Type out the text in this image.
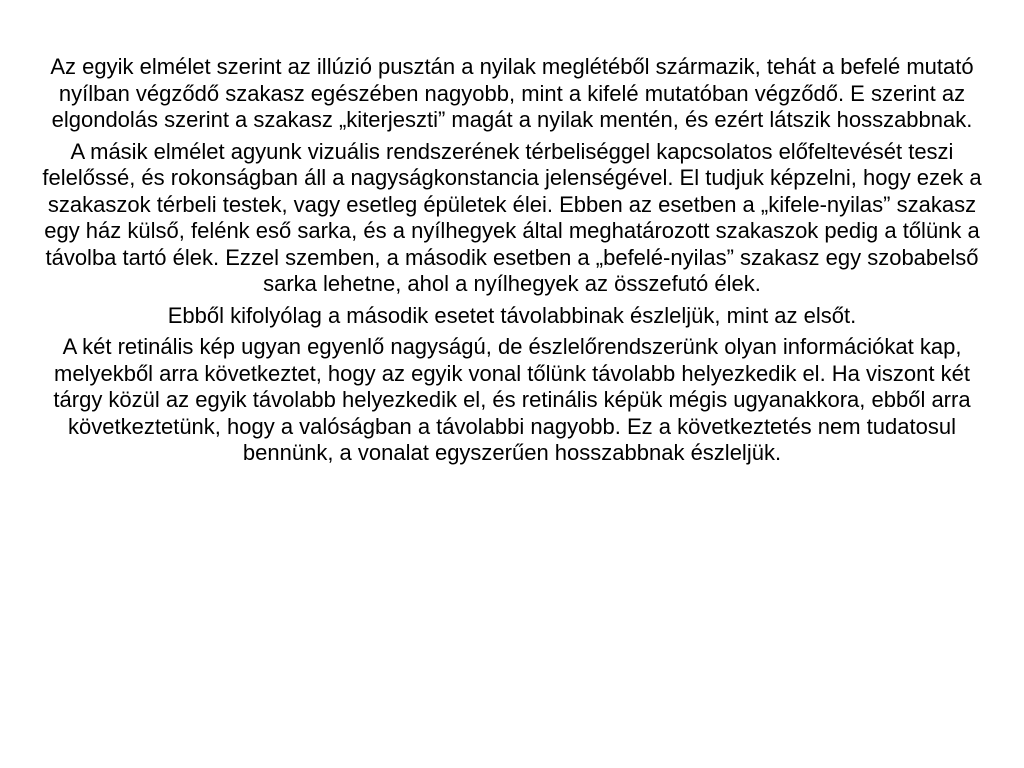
Az egyik elmélet szerint az illúzió pusztán a nyilak meglétéből származik, tehát a befelé mutató nyílban végződő szakasz egészében nagyobb, mint a kifelé mutatóban végződő. E szerint az elgondolás szerint a szakasz „kiterjeszti” magát a nyilak mentén, és ezért látszik hosszabbnak.

A másik elmélet agyunk vizuális rendszerének térbeliséggel kapcsolatos előfeltevését teszi felelőssé, és rokonságban áll a nagyságkonstancia jelenségével. El tudjuk képzelni, hogy ezek a szakaszok térbeli testek, vagy esetleg épületek élei. Ebben az esetben a „kifele-nyilas” szakasz egy ház külső, felénk eső sarka, és a nyílhegyek által meghatározott szakaszok pedig a tőlünk a távolba tartó élek. Ezzel szemben, a második esetben a „befelé-nyilas” szakasz egy szobabelső sarka lehetne, ahol a nyílhegyek az összefutó élek.

Ebből kifolyólag a második esetet távolabbinak észleljük, mint az elsőt.

A két retinális kép ugyan egyenlő nagyságú, de észlelőrendszerünk olyan információkat kap, melyekből arra következtet, hogy az egyik vonal tőlünk távolabb helyezkedik el. Ha viszont két tárgy közül az egyik távolabb helyezkedik el, és retinális képük mégis ugyanakkora, ebből arra következtetünk, hogy a valóságban a távolabbi nagyobb. Ez a következtetés nem tudatosul bennünk, a vonalat egyszerűen hosszabbnak észleljük.
